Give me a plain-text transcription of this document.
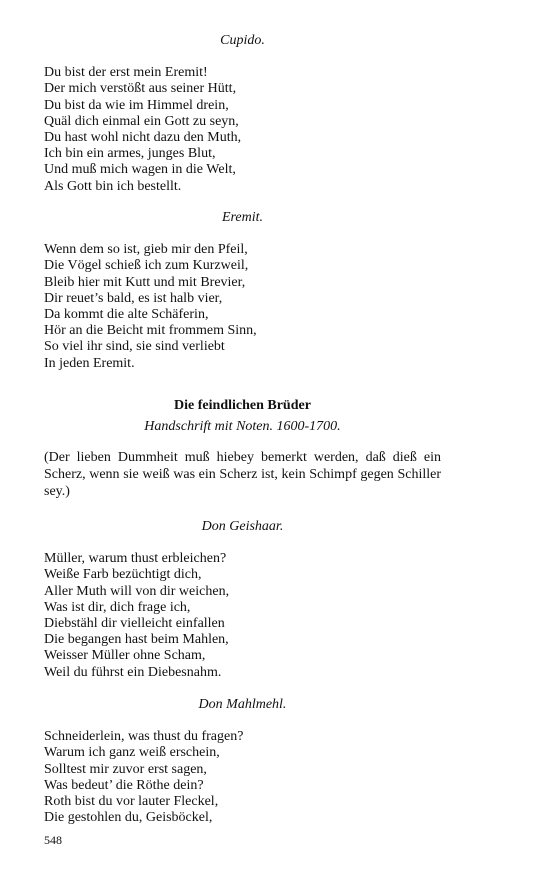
Cupido.
Du bist der erst mein Eremit!
Der mich verstößt aus seiner Hütt,
Du bist da wie im Himmel drein,
Quäl dich einmal ein Gott zu seyn,
Du hast wohl nicht dazu den Muth,
Ich bin ein armes, junges Blut,
Und muß mich wagen in die Welt,
Als Gott bin ich bestellt.
Eremit.
Wenn dem so ist, gieb mir den Pfeil,
Die Vögel schieß ich zum Kurzweil,
Bleib hier mit Kutt und mit Brevier,
Dir reuet’s bald, es ist halb vier,
Da kommt die alte Schäferin,
Hör an die Beicht mit frommem Sinn,
So viel ihr sind, sie sind verliebt
In jeden Eremit.
Die feindlichen Brüder
Handschrift mit Noten. 1600-1700.
(Der lieben Dummheit muß hiebey bemerkt werden, daß dieß ein Scherz, wenn sie weiß was ein Scherz ist, kein Schimpf gegen Schiller sey.)
Don Geishaar.
Müller, warum thust erbleichen?
Weiße Farb bezüchtigt dich,
Aller Muth will von dir weichen,
Was ist dir, dich frage ich,
Diebstähl dir vielleicht einfallen
Die begangen hast beim Mahlen,
Weisser Müller ohne Scham,
Weil du führst ein Diebesnahm.
Don Mahlmehl.
Schneiderlein, was thust du fragen?
Warum ich ganz weiß erschein,
Solltest mir zuvor erst sagen,
Was bedeut’ die Röthe dein?
Roth bist du vor lauter Fleckel,
Die gestohlen du, Geisböckel,
548
